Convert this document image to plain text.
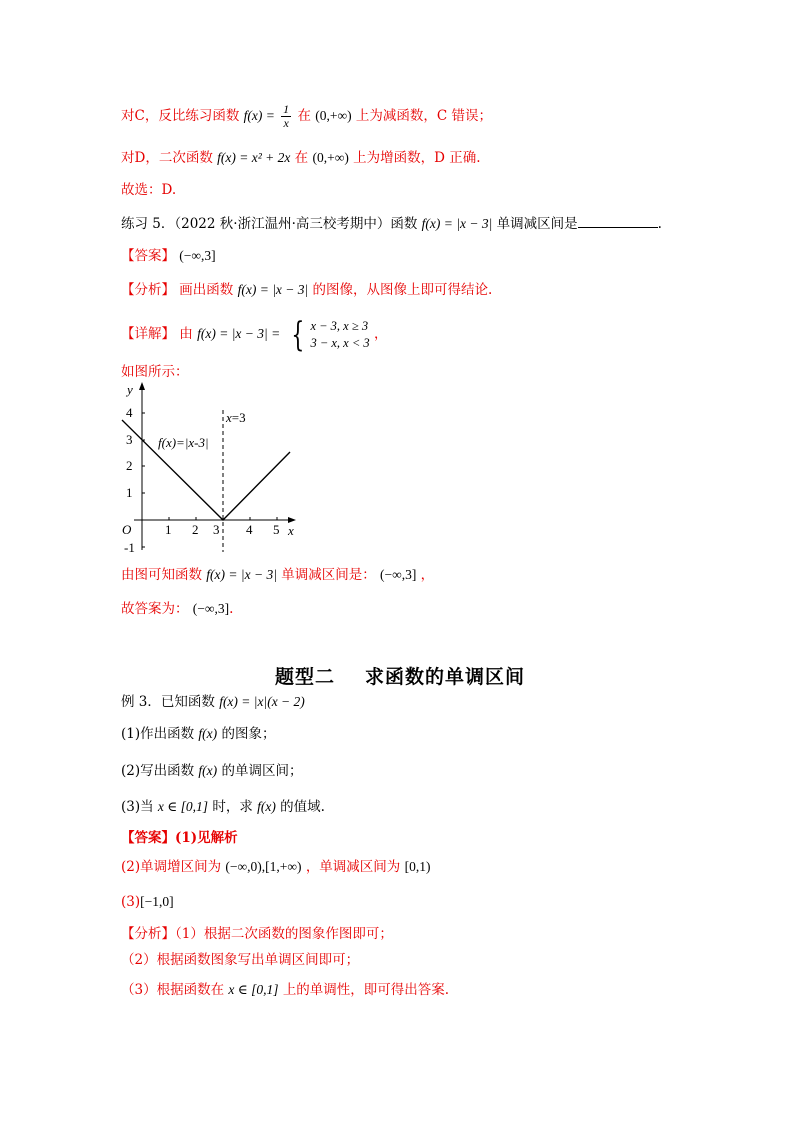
对C，反比练习函数 $f(x) = \frac{1}{x}$ 在 (0,+∞) 上为减函数，C 错误；
对D，二次函数 f(x) = x² + 2x 在 (0,+∞) 上为增函数，D 正确.
故选：D.
练习 5．（2022 秋·浙江温州·高三校考期中）函数 f(x) = |x − 3| 单调减区间是	.
【答案】 (−∞,3]
【分析】 画出函数 f(x) = |x − 3| 的图像，从图像上即可得结论.
【详解】 由 f(x) = |x − 3| = { x − 3, x ≥ 3
3 − x, x < 3
，
如图所示：
y
x
O	1 2 3 4 5
4
3
2
1
-1
x=3
f(x)=|x-3|
由图可知函数 f(x) = |x − 3| 单调减区间是： (−∞,3] ，
故答案为： (−∞,3].
题型二 求函数的单调区间
例 3．已知函数 f(x) = |x|(x − 2)
(1)作出函数 f(x) 的图象；
(2)写出函数 f(x) 的单调区间；
(3)当 x ∈ [0,1] 时，求 f(x) 的值域.
【答案】(1)见解析
(2)单调增区间为 (−∞,0),[1,+∞) ，单调减区间为 [0,1)
(3)[−1,0]
【分析】（1）根据二次函数的图象作图即可；
（2）根据函数图象写出单调区间即可；
（3）根据函数在 x ∈ [0,1] 上的单调性，即可得出答案.
